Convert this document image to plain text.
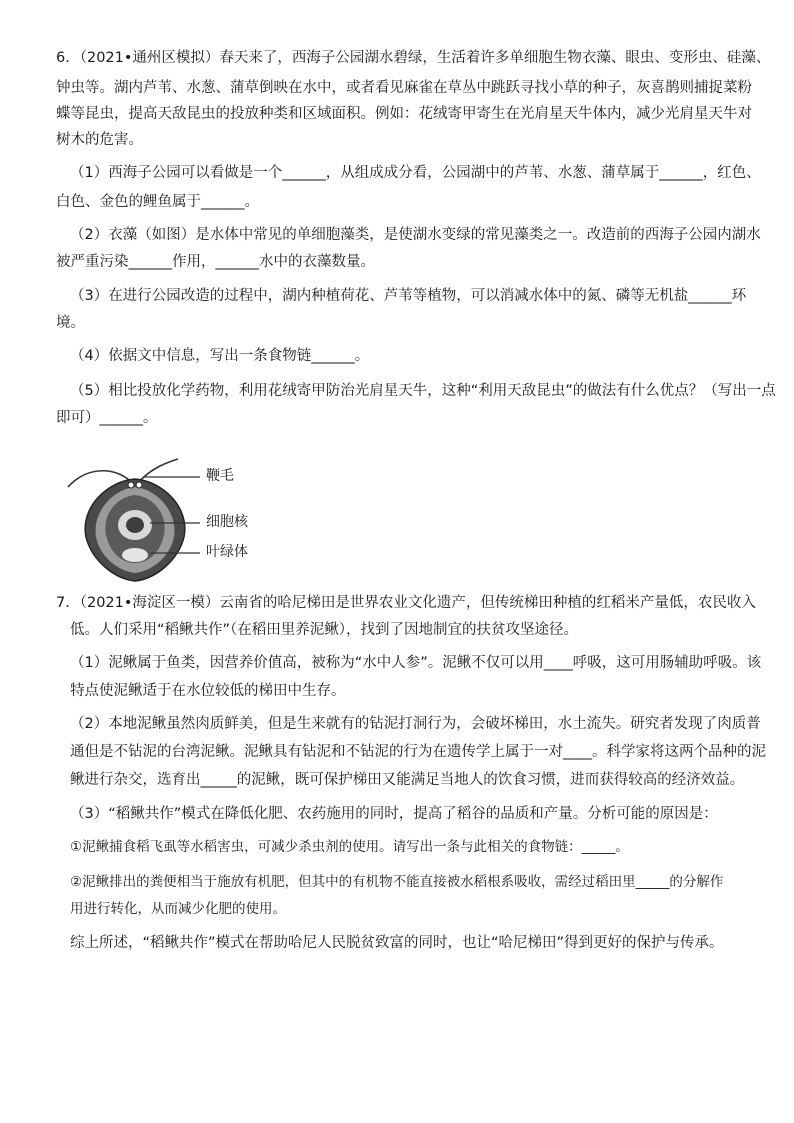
6．（2021•通州区模拟）春天来了，西海子公园湖水碧绿，生活着许多单细胞生物衣藻、眼虫、变形虫、硅藻、
钟虫等。湖内芦苇、水葱、蒲草倒映在水中，或者看见麻雀在草丛中跳跃寻找小草的种子，灰喜鹊则捕捉菜粉
蝶等昆虫，提高天敌昆虫的投放种类和区域面积。例如：花绒寄甲寄生在光肩星天牛体内，减少光肩星天牛对
树木的危害。
（1）西海子公园可以看做是一个______，从组成成分看，公园湖中的芦苇、水葱、蒲草属于______，红色、
白色、金色的鲤鱼属于______。
（2）衣藻（如图）是水体中常见的单细胞藻类，是使湖水变绿的常见藻类之一。改造前的西海子公园内湖水
被严重污染______作用，______水中的衣藻数量。
（3）在进行公园改造的过程中，湖内种植荷花、芦苇等植物，可以消减水体中的氮、磷等无机盐______环
境。
（4）依据文中信息，写出一条食物链______。
（5）相比投放化学药物，利用花绒寄甲防治光肩星天牛，这种“利用天敌昆虫”的做法有什么优点？（写出一点
即可）______。
鞭毛
细胞核
叶绿体
7．（2021•海淀区一模）云南省的哈尼梯田是世界农业文化遗产，但传统梯田种植的红稻米产量低，农民收入
低。人们采用“稻鳅共作”（在稻田里养泥鳅），找到了因地制宜的扶贫攻坚途径。
（1）泥鳅属于鱼类，因营养价值高，被称为“水中人参”。泥鳅不仅可以用____呼吸，这可用肠辅助呼吸。该
特点使泥鳅适于在水位较低的梯田中生存。
（2）本地泥鳅虽然肉质鲜美，但是生来就有的钻泥打洞行为，会破坏梯田，水土流失。研究者发现了肉质普
通但是不钻泥的台湾泥鳅。泥鳅具有钻泥和不钻泥的行为在遗传学上属于一对____。科学家将这两个品种的泥
鳅进行杂交，选育出_____的泥鳅，既可保护梯田又能满足当地人的饮食习惯，进而获得较高的经济效益。
（3）“稻鳅共作”模式在降低化肥、农药施用的同时，提高了稻谷的品质和产量。分析可能的原因是：
①泥鳅捕食稻飞虱等水稻害虫，可减少杀虫剂的使用。请写出一条与此相关的食物链：_____。
②泥鳅排出的粪便相当于施放有机肥，但其中的有机物不能直接被水稻根系吸收，需经过稻田里_____的分解作
用进行转化，从而减少化肥的使用。
综上所述，“稻鳅共作”模式在帮助哈尼人民脱贫致富的同时，也让“哈尼梯田”得到更好的保护与传承。
